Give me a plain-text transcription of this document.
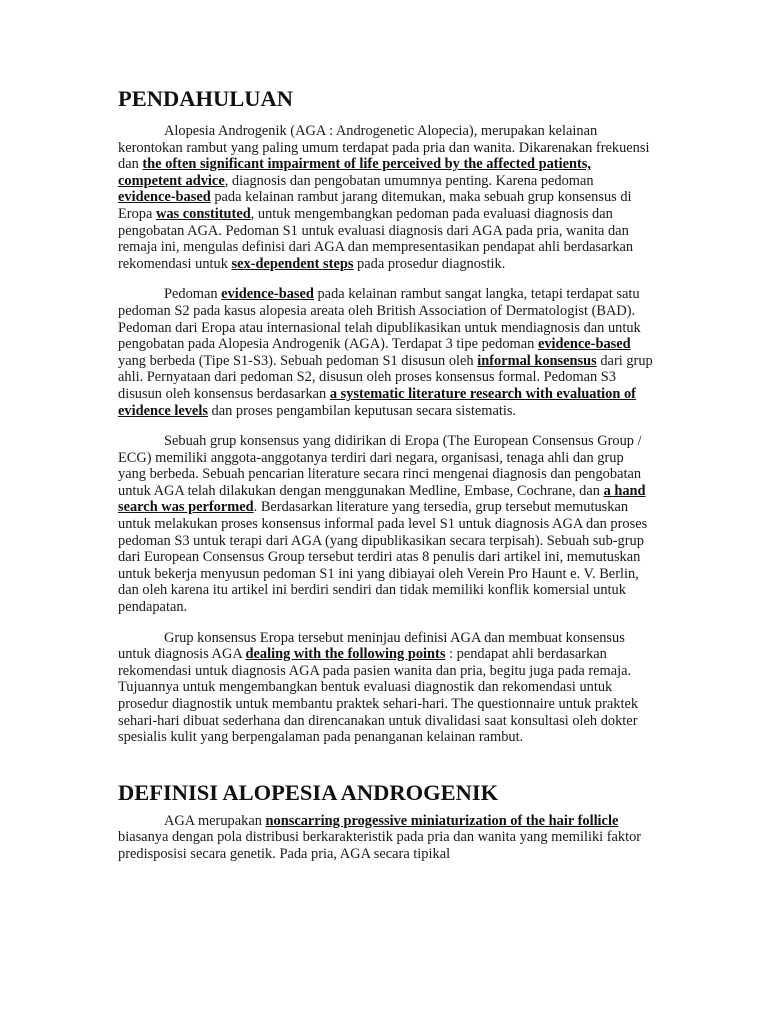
PENDAHULUAN

Alopesia Androgenik (AGA : Androgenetic Alopecia), merupakan kelainan kerontokan rambut yang paling umum terdapat pada pria dan wanita. Dikarenakan frekuensi dan the often significant impairment of life perceived by the affected patients, competent advice, diagnosis dan pengobatan umumnya penting. Karena pedoman evidence-based pada kelainan rambut jarang ditemukan, maka sebuah grup konsensus di Eropa was constituted, untuk mengembangkan pedoman pada evaluasi diagnosis dan pengobatan AGA. Pedoman S1 untuk evaluasi diagnosis dari AGA pada pria, wanita dan remaja ini, mengulas definisi dari AGA dan mempresentasikan pendapat ahli berdasarkan rekomendasi untuk sex-dependent steps pada prosedur diagnostik.

Pedoman evidence-based pada kelainan rambut sangat langka, tetapi terdapat satu pedoman S2 pada kasus alopesia areata oleh British Association of Dermatologist (BAD). Pedoman dari Eropa atau internasional telah dipublikasikan untuk mendiagnosis dan untuk pengobatan pada Alopesia Androgenik (AGA). Terdapat 3 tipe pedoman evidence-based yang berbeda (Tipe S1-S3). Sebuah pedoman S1 disusun oleh informal konsensus dari grup ahli. Pernyataan dari pedoman S2, disusun oleh proses konsensus formal. Pedoman S3 disusun oleh konsensus berdasarkan a systematic literature research with evaluation of evidence levels dan proses pengambilan keputusan secara sistematis.

Sebuah grup konsensus yang didirikan di Eropa (The European Consensus Group / ECG) memiliki anggota-anggotanya terdiri dari negara, organisasi, tenaga ahli dan grup yang berbeda. Sebuah pencarian literature secara rinci mengenai diagnosis dan pengobatan untuk AGA telah dilakukan dengan menggunakan Medline, Embase, Cochrane, dan a hand search was performed. Berdasarkan literature yang tersedia, grup tersebut memutuskan untuk melakukan proses konsensus informal pada level S1 untuk diagnosis AGA dan proses pedoman S3 untuk terapi dari AGA (yang dipublikasikan secara terpisah). Sebuah sub-grup dari European Consensus Group tersebut terdiri atas 8 penulis dari artikel ini, memutuskan untuk bekerja menyusun pedoman S1 ini yang dibiayai oleh Verein Pro Haunt e. V. Berlin, dan oleh karena itu artikel ini berdiri sendiri dan tidak memiliki konflik komersial untuk pendapatan.

Grup konsensus Eropa tersebut meninjau definisi AGA dan membuat konsensus untuk diagnosis AGA dealing with the following points : pendapat ahli berdasarkan rekomendasi untuk diagnosis AGA pada pasien wanita dan pria, begitu juga pada remaja. Tujuannya untuk mengembangkan bentuk evaluasi diagnostik dan rekomendasi untuk prosedur diagnostik untuk membantu praktek sehari-hari. The questionnaire untuk praktek sehari-hari dibuat sederhana dan direncanakan untuk divalidasi saat konsultasi oleh dokter spesialis kulit yang berpengalaman pada penanganan kelainan rambut.

DEFINISI ALOPESIA ANDROGENIK

AGA merupakan nonscarring progessive miniaturization of the hair follicle biasanya dengan pola distribusi berkarakteristik pada pria dan wanita yang memiliki faktor predisposisi secara genetik. Pada pria, AGA secara tipikal
